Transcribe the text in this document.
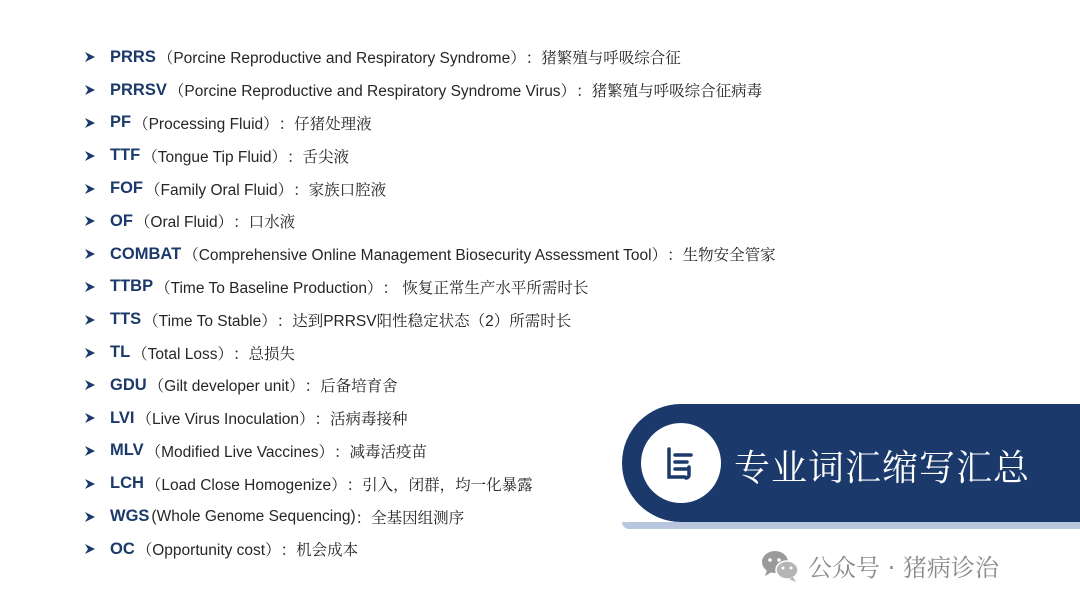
PRRS （Porcine Reproductive and Respiratory Syndrome） ：猪繁殖与呼吸综合征
PRRSV （Porcine Reproductive and Respiratory Syndrome Virus） ：猪繁殖与呼吸综合征病毒
PF （Processing Fluid） ：仔猪处理液
TTF （Tongue Tip Fluid） ：舌尖液
FOF （Family Oral Fluid） ：家族口腔液
OF （Oral Fluid） ：口水液
COMBAT （Comprehensive Online Management Biosecurity Assessment Tool） ：生物安全管家
TTBP （Time To Baseline Production） ： 恢复正常生产水平所需时长
TTS （Time To Stable） ：达到PRRSV阳性稳定状态（2）所需时长
TL （Total Loss） ：总损失
GDU （Gilt developer unit） ：后备培育舍
LVI （Live Virus Inoculation） ：活病毒接种
MLV （Modified Live Vaccines） ：减毒活疫苗
LCH （Load Close Homogenize） ：引入，闭群，均一化暴露
WGS (Whole Genome Sequencing) ：全基因组测序
OC （Opportunity cost） ：机会成本
专业词汇缩写汇总
公众号 · 猪病诊治
